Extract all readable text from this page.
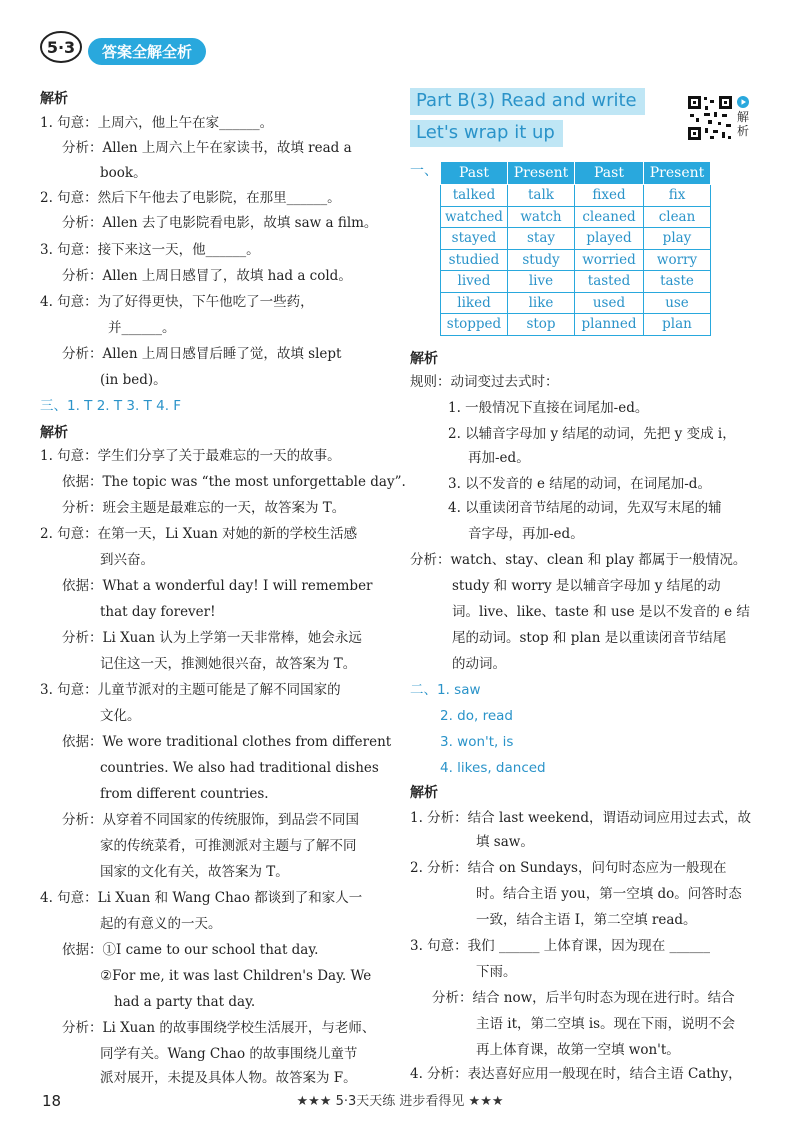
5·3	答案全解全析
解析
1. 句意：上周六，他上午在家______。
分析：Allen 上周六上午在家读书，故填 read a
book。
2. 句意：然后下午他去了电影院，在那里______。
分析：Allen 去了电影院看电影，故填 saw a film。
3. 句意：接下来这一天，他______。
分析：Allen 上周日感冒了，故填 had a cold。
4. 句意：为了好得更快，下午他吃了一些药，
并______。
分析：Allen 上周日感冒后睡了觉，故填 slept
(in bed)。
三、1. T 2. T 3. T 4. F
解析
1. 句意：学生们分享了关于最难忘的一天的故事。
依据：The topic was “the most unforgettable day”.
分析：班会主题是最难忘的一天，故答案为 T。
2. 句意：在第一天，Li Xuan 对她的新的学校生活感
到兴奋。
依据：What a wonderful day! I will remember
that day forever!
分析：Li Xuan 认为上学第一天非常棒，她会永远
记住这一天，推测她很兴奋，故答案为 T。
3. 句意：儿童节派对的主题可能是了解不同国家的
文化。
依据：We wore traditional clothes from different
countries. We also had traditional dishes
from different countries.
分析：从穿着不同国家的传统服饰，到品尝不同国
家的传统菜肴，可推测派对主题与了解不同
国家的文化有关，故答案为 T。
4. 句意：Li Xuan 和 Wang Chao 都谈到了和家人一
起的有意义的一天。
依据：①I came to our school that day.
②For me, it was last Children's Day. We
had a party that day.
分析：Li Xuan 的故事围绕学校生活展开，与老师、
同学有关。Wang Chao 的故事围绕儿童节
派对展开，未提及具体人物。故答案为 F。
Part B(3) Read and write
Let's wrap it up
解析
一、 Past	Present	Past	Present
talked	talk	fixed	fix
watched	watch	cleaned	clean
stayed	stay	played	play
studied	study	worried	worry
lived	live	tasted	taste
liked	like	used	use
stopped	stop	planned	plan
解析
规则：动词变过去式时：
1. 一般情况下直接在词尾加-ed。
2. 以辅音字母加 y 结尾的动词，先把 y 变成 i，
再加-ed。
3. 以不发音的 e 结尾的动词，在词尾加-d。
4. 以重读闭音节结尾的动词，先双写末尾的辅
音字母，再加-ed。
分析：watch、stay、clean 和 play 都属于一般情况。
study 和 worry 是以辅音字母加 y 结尾的动
词。live、like、taste 和 use 是以不发音的 e 结
尾的动词。stop 和 plan 是以重读闭音节结尾
的动词。
二、1. saw
2. do, read
3. won't, is
4. likes, danced
解析
1. 分析：结合 last weekend，谓语动词应用过去式，故
填 saw。
2. 分析：结合 on Sundays，问句时态应为一般现在
时。结合主语 you，第一空填 do。问答时态
一致，结合主语 I，第二空填 read。
3. 句意：我们 ______ 上体育课，因为现在 ______
下雨。
分析：结合 now，后半句时态为现在进行时。结合
主语 it，第二空填 is。现在下雨，说明不会
再上体育课，故第一空填 won't。
4. 分析：表达喜好应用一般现在时，结合主语 Cathy，
18	★★★ 5·3天天练 进步看得见 ★★★
